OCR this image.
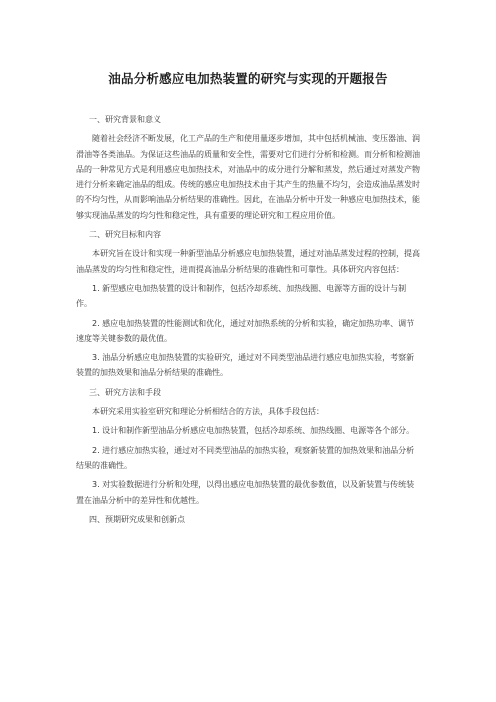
油品分析感应电加热装置的研究与实现的开题报告
一、研究背景和意义
随着社会经济不断发展，化工产品的生产和使用量逐步增加，其中包括机械油、变压器油、润滑油等各类油品。为保证这些油品的质量和安全性，需要对它们进行分析和检测。而分析和检测油品的一种常见方式是利用感应电加热技术，对油品中的成分进行分解和蒸发，然后通过对蒸发产物进行分析来确定油品的组成。传统的感应电加热技术由于其产生的热量不均匀，会造成油品蒸发时的不均匀性，从而影响油品分析结果的准确性。因此，在油品分析中开发一种感应电加热技术，能够实现油品蒸发的均匀性和稳定性，具有重要的理论研究和工程应用价值。
二、研究目标和内容
本研究旨在设计和实现一种新型油品分析感应电加热装置，通过对油品蒸发过程的控制，提高油品蒸发的均匀性和稳定性，进而提高油品分析结果的准确性和可靠性。具体研究内容包括：
1. 新型感应电加热装置的设计和制作，包括冷却系统、加热线圈、电源等方面的设计与制作。
2. 感应电加热装置的性能测试和优化，通过对加热系统的分析和实验，确定加热功率、调节速度等关键参数的最优值。
3. 油品分析感应电加热装置的实验研究，通过对不同类型油品进行感应电加热实验，考察新装置的加热效果和油品分析结果的准确性。
三、研究方法和手段
本研究采用实验室研究和理论分析相结合的方法，具体手段包括：
1. 设计和制作新型油品分析感应电加热装置，包括冷却系统、加热线圈、电源等各个部分。
2. 进行感应加热实验，通过对不同类型油品的加热实验，观察新装置的加热效果和油品分析结果的准确性。
3. 对实验数据进行分析和处理，以得出感应电加热装置的最优参数值，以及新装置与传统装置在油品分析中的差异性和优越性。
四、预期研究成果和创新点
